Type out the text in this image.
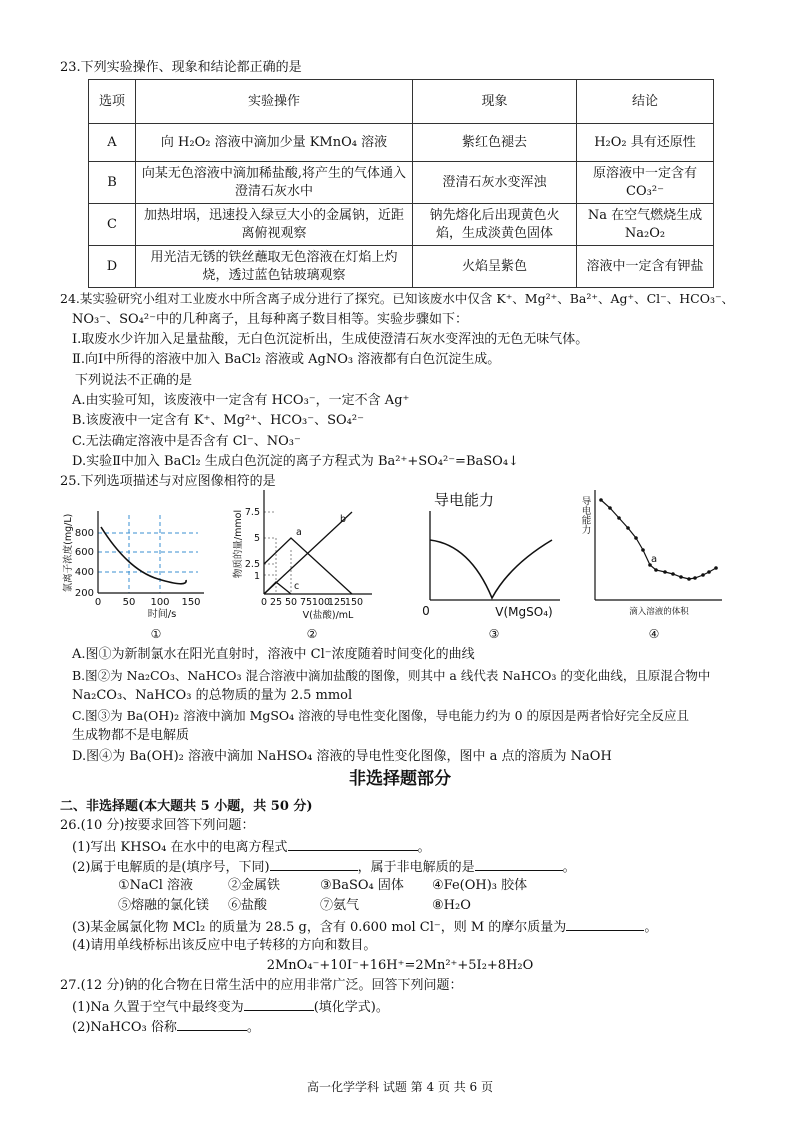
23.下列实验操作、现象和结论都正确的是
选项	实验操作	现象	结论
A	向 H₂O₂ 溶液中滴加少量 KMnO₄ 溶液	紫红色褪去	H₂O₂ 具有还原性
B	向某无色溶液中滴加稀盐酸,将产生的气体通入澄清石灰水中	澄清石灰水变浑浊	原溶液中一定含有 CO₃²⁻
C	加热坩埚，迅速投入绿豆大小的金属钠，近距离俯视观察	钠先熔化后出现黄色火焰，生成淡黄色固体	Na 在空气燃烧生成 Na₂O₂
D	用光洁无锈的铁丝蘸取无色溶液在灯焰上灼烧，透过蓝色钴玻璃观察	火焰呈紫色	溶液中一定含有钾盐
24.某实验研究小组对工业废水中所含离子成分进行了探究。已知该废水中仅含 K⁺、Mg²⁺、Ba²⁺、Ag⁺、Cl⁻、HCO₃⁻、
NO₃⁻、SO₄²⁻中的几种离子，且每种离子数目相等。实验步骤如下：
Ⅰ.取废水少许加入足量盐酸，无白色沉淀析出，生成使澄清石灰水变浑浊的无色无味气体。
Ⅱ.向Ⅰ中所得的溶液中加入 BaCl₂ 溶液或 AgNO₃ 溶液都有白色沉淀生成。
下列说法不正确的是
A.由实验可知，该废液中一定含有 HCO₃⁻，一定不含 Ag⁺
B.该废液中一定含有 K⁺、Mg²⁺、HCO₃⁻、SO₄²⁻
C.无法确定溶液中是否含有 Cl⁻、NO₃⁻
D.实验Ⅱ中加入 BaCl₂ 生成白色沉淀的离子方程式为 Ba²⁺+SO₄²⁻=BaSO₄↓
25.下列选项描述与对应图像相符的是
800
600
400
200
0 50 100 150
时间/s
氯离子浓度(mg/L)
①
7.5
5
2.5
1
0 25 50 75 100
125
150
V(盐酸)/mL
物质的量/mmol	a
b
c
②
导电能力
0	V(MgSO₄)
③
a
滴入溶液的体积
④
导电能力
A.图①为新制氯水在阳光直射时，溶液中 Cl⁻浓度随着时间变化的曲线
B.图②为 Na₂CO₃、NaHCO₃ 混合溶液中滴加盐酸的图像，则其中 a 线代表 NaHCO₃ 的变化曲线，且原混合物中
Na₂CO₃、NaHCO₃ 的总物质的量为 2.5 mmol
C.图③为 Ba(OH)₂ 溶液中滴加 MgSO₄ 溶液的导电性变化图像，导电能力约为 0 的原因是两者恰好完全反应且
生成物都不是电解质
D.图④为 Ba(OH)₂ 溶液中滴加 NaHSO₄ 溶液的导电性变化图像，图中 a 点的溶质为 NaOH
非选择题部分
二、非选择题(本大题共 5 小题，共 50 分)
26.(10 分)按要求回答下列问题：
(1)写出 KHSO₄ 在水中的电离方程式	。
(2)属于电解质的是(填序号，下同)	，属于非电解质的是	。
①NaCl 溶液	②金属铁	③BaSO₄ 固体 ④Fe(OH)₃ 胶体
⑤熔融的氯化镁 ⑥盐酸	⑦氨气	⑧H₂O
(3)某金属氯化物 MCl₂ 的质量为 28.5 g，含有 0.600 mol Cl⁻，则 M 的摩尔质量为	。
(4)请用单线桥标出该反应中电子转移的方向和数目。
2MnO₄⁻+10I⁻+16H⁺=2Mn²⁺+5I₂+8H₂O
27.(12 分)钠的化合物在日常生活中的应用非常广泛。回答下列问题：
(1)Na 久置于空气中最终变为	(填化学式)。
(2)NaHCO₃ 俗称	。
高一化学学科 试题 第 4 页 共 6 页
